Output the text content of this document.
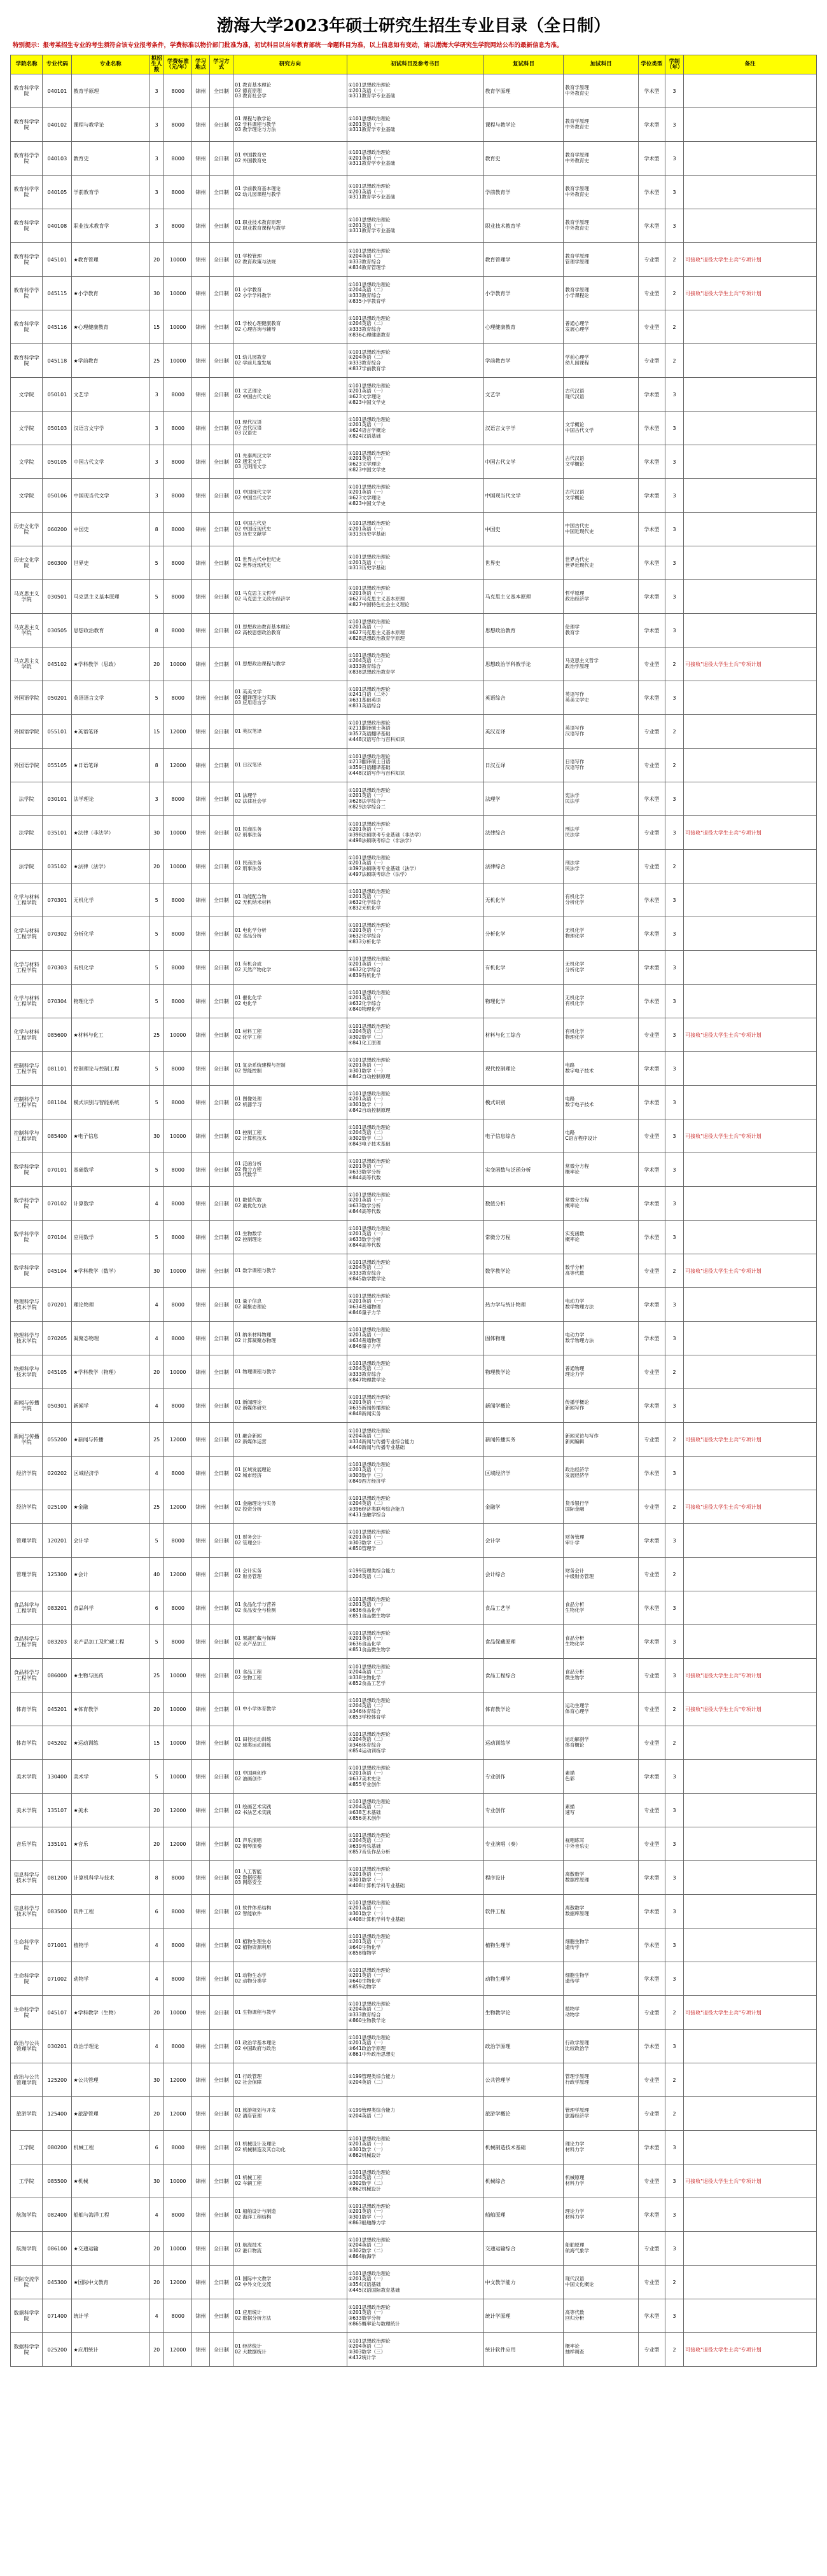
渤海大学2023年硕士研究生招生专业目录（全日制）
特别提示：报考某招生专业的考生须符合该专业报考条件，学费标准以物价部门批准为准，初试科目以当年教育部统一命题科目为准，以上信息如有变动，请以渤海大学研究生学院网站公布的最新信息为准。
学院名称	专业代码	专业名称	拟招生人数	学费标准（元/年）	学习地点	学习方式	研究方向	初试科目及参考书目	复试科目	加试科目	学位类型	学制（年）	备注
教育科学学院	040101	教育学原理	3	8000	锦州	全日制	01 教育基本理论
02 德育原理
03 教育社会学	①101思想政治理论
②201英语（一）
③311教育学专业基础	教育学原理	教育学原理
中外教育史	学术型	3	
教育科学学院	040102	课程与教学论	3	8000	锦州	全日制	01 课程与教学论
02 学科课程与教学
03 教学理论与方法	①101思想政治理论
②201英语（一）
③311教育学专业基础	课程与教学论	教育学原理
中外教育史	学术型	3	
教育科学学院	040103	教育史	3	8000	锦州	全日制	01 中国教育史
02 外国教育史	①101思想政治理论
②201英语（一）
③311教育学专业基础	教育史	教育学原理
中外教育史	学术型	3	
教育科学学院	040105	学前教育学	3	8000	锦州	全日制	01 学前教育基本理论
02 幼儿园课程与教学	①101思想政治理论
②201英语（一）
③311教育学专业基础	学前教育学	教育学原理
中外教育史	学术型	3	
教育科学学院	040108	职业技术教育学	3	8000	锦州	全日制	01 职业技术教育原理
02 职业教育课程与教学	①101思想政治理论
②201英语（一）
③311教育学专业基础	职业技术教育学	教育学原理
中外教育史	学术型	3	
教育科学学院	045101	★教育管理	20	10000	锦州	全日制	01 学校管理
02 教育政策与法规	①101思想政治理论
②204英语（二）
③333教育综合
④834教育管理学	教育管理学	教育学原理
管理学原理	专业型	2	可接收"退役大学生士兵"专项计划
教育科学学院	045115	★小学教育	30	10000	锦州	全日制	01 小学教育
02 小学学科教学	①101思想政治理论
②204英语（二）
③333教育综合
④835小学教育学	小学教育学	教育学原理
小学课程论	专业型	2	可接收"退役大学生士兵"专项计划
教育科学学院	045116	★心理健康教育	15	10000	锦州	全日制	01 学校心理健康教育
02 心理咨询与辅导	①101思想政治理论
②204英语（二）
③333教育综合
④836心理健康教育	心理健康教育	普通心理学
发展心理学	专业型	2	
教育科学学院	045118	★学前教育	25	10000	锦州	全日制	01 幼儿园教育
02 学前儿童发展	①101思想政治理论
②204英语（二）
③333教育综合
④837学前教育学	学前教育学	学前心理学
幼儿园课程	专业型	2	
文学院	050101	文艺学	3	8000	锦州	全日制	01 文艺理论
02 中国古代文论	①101思想政治理论
②201英语（一）
③623文学理论
④823中国文学史	文艺学	古代汉语
现代汉语	学术型	3	
文学院	050103	汉语言文字学	3	8000	锦州	全日制	01 现代汉语
02 古代汉语
03 汉语史	①101思想政治理论
②201英语（一）
③624语言学概论
④824汉语基础	汉语言文字学	文学概论
中国古代文学	学术型	3	
文学院	050105	中国古代文学	3	8000	锦州	全日制	01 先秦两汉文学
02 唐宋文学
03 元明清文学	①101思想政治理论
②201英语（一）
③623文学理论
④823中国文学史	中国古代文学	古代汉语
文学概论	学术型	3	
文学院	050106	中国现当代文学	3	8000	锦州	全日制	01 中国现代文学
02 中国当代文学	①101思想政治理论
②201英语（一）
③623文学理论
④823中国文学史	中国现当代文学	古代汉语
文学概论	学术型	3	
历史文化学院	060200	中国史	8	8000	锦州	全日制	01 中国古代史
02 中国近现代史
03 历史文献学	①101思想政治理论
②201英语（一）
③313历史学基础	中国史	中国古代史
中国近现代史	学术型	3	
历史文化学院	060300	世界史	5	8000	锦州	全日制	01 世界古代中世纪史
02 世界近现代史	①101思想政治理论
②201英语（一）
③313历史学基础	世界史	世界古代史
世界近现代史	学术型	3	
马克思主义学院	030501	马克思主义基本原理	5	8000	锦州	全日制	01 马克思主义哲学
02 马克思主义政治经济学	①101思想政治理论
②201英语（一）
③627马克思主义基本原理
④827中国特色社会主义理论	马克思主义基本原理	哲学原理
政治经济学	学术型	3	
马克思主义学院	030505	思想政治教育	8	8000	锦州	全日制	01 思想政治教育基本理论
02 高校思想政治教育	①101思想政治理论
②201英语（一）
③627马克思主义基本原理
④828思想政治教育学原理	思想政治教育	伦理学
教育学	学术型	3	
马克思主义学院	045102	★学科教学（思政）	20	10000	锦州	全日制	01 思想政治课程与教学	①101思想政治理论
②204英语（二）
③333教育综合
④838思想政治教育学	思想政治学科教学论	马克思主义哲学
政治学原理	专业型	2	可接收"退役大学生士兵"专项计划
外国语学院	050201	英语语言文学	5	8000	锦州	全日制	01 英美文学
02 翻译理论与实践
03 应用语言学	①101思想政治理论
②241日语（二外）
③631基础英语
④831英语综合	英语综合	英语写作
英美文学史	学术型	3	
外国语学院	055101	★英语笔译	15	12000	锦州	全日制	01 英汉笔译	①101思想政治理论
②211翻译硕士英语
③357英语翻译基础
④448汉语写作与百科知识	英汉互译	英语写作
汉语写作	专业型	2	
外国语学院	055105	★日语笔译	8	12000	锦州	全日制	01 日汉笔译	①101思想政治理论
②213翻译硕士日语
③359日语翻译基础
④448汉语写作与百科知识	日汉互译	日语写作
汉语写作	专业型	2	
法学院	030101	法学理论	3	8000	锦州	全日制	01 法理学
02 法律社会学	①101思想政治理论
②201英语（一）
③628法学综合一
④829法学综合二	法理学	宪法学
民法学	学术型	3	
法学院	035101	★法律（非法学）	30	10000	锦州	全日制	01 民商法务
02 刑事法务	①101思想政治理论
②201英语（一）
③398法硕联考专业基础（非法学）
④498法硕联考综合（非法学）	法律综合	刑法学
民法学	专业型	3	可接收"退役大学生士兵"专项计划
法学院	035102	★法律（法学）	20	10000	锦州	全日制	01 民商法务
02 刑事法务	①101思想政治理论
②201英语（一）
③397法硕联考专业基础（法学）
④497法硕联考综合（法学）	法律综合	刑法学
民法学	专业型	2	
化学与材料工程学院	070301	无机化学	5	8000	锦州	全日制	01 功能配合物
02 无机纳米材料	①101思想政治理论
②201英语（一）
③632化学综合
④832无机化学	无机化学	有机化学
分析化学	学术型	3	
化学与材料工程学院	070302	分析化学	5	8000	锦州	全日制	01 电化学分析
02 食品分析	①101思想政治理论
②201英语（一）
③632化学综合
④833分析化学	分析化学	无机化学
物理化学	学术型	3	
化学与材料工程学院	070303	有机化学	5	8000	锦州	全日制	01 有机合成
02 天然产物化学	①101思想政治理论
②201英语（一）
③632化学综合
④839有机化学	有机化学	无机化学
分析化学	学术型	3	
化学与材料工程学院	070304	物理化学	5	8000	锦州	全日制	01 催化化学
02 电化学	①101思想政治理论
②201英语（一）
③632化学综合
④840物理化学	物理化学	无机化学
有机化学	学术型	3	
化学与材料工程学院	085600	★材料与化工	25	10000	锦州	全日制	01 材料工程
02 化学工程	①101思想政治理论
②204英语（二）
③302数学（二）
④841化工原理	材料与化工综合	有机化学
物理化学	专业型	3	可接收"退役大学生士兵"专项计划
控制科学与工程学院	081101	控制理论与控制工程	5	8000	锦州	全日制	01 复杂系统建模与控制
02 智能控制	①101思想政治理论
②201英语（一）
③301数学（一）
④842自动控制原理	现代控制理论	电路
数字电子技术	学术型	3	
控制科学与工程学院	081104	模式识别与智能系统	5	8000	锦州	全日制	01 图像处理
02 机器学习	①101思想政治理论
②201英语（一）
③301数学（一）
④842自动控制原理	模式识别	电路
数字电子技术	学术型	3	
控制科学与工程学院	085400	★电子信息	30	10000	锦州	全日制	01 控制工程
02 计算机技术	①101思想政治理论
②204英语（二）
③302数学（二）
④843电子技术基础	电子信息综合	电路
C语言程序设计	专业型	3	可接收"退役大学生士兵"专项计划
数学科学学院	070101	基础数学	5	8000	锦州	全日制	01 泛函分析
02 微分方程
03 代数学	①101思想政治理论
②201英语（一）
③633数学分析
④844高等代数	实变函数与泛函分析	常微分方程
概率论	学术型	3	
数学科学学院	070102	计算数学	4	8000	锦州	全日制	01 数值代数
02 最优化方法	①101思想政治理论
②201英语（一）
③633数学分析
④844高等代数	数值分析	常微分方程
概率论	学术型	3	
数学科学学院	070104	应用数学	5	8000	锦州	全日制	01 生物数学
02 控制理论	①101思想政治理论
②201英语（一）
③633数学分析
④844高等代数	常微分方程	实变函数
概率论	学术型	3	
数学科学学院	045104	★学科教学（数学）	30	10000	锦州	全日制	01 数学课程与教学	①101思想政治理论
②204英语（二）
③333教育综合
④845数学教学论	数学教学论	数学分析
高等代数	专业型	2	可接收"退役大学生士兵"专项计划
物理科学与技术学院	070201	理论物理	4	8000	锦州	全日制	01 量子信息
02 凝聚态理论	①101思想政治理论
②201英语（一）
③634普通物理
④846量子力学	热力学与统计物理	电动力学
数学物理方法	学术型	3	
物理科学与技术学院	070205	凝聚态物理	4	8000	锦州	全日制	01 纳米材料物理
02 计算凝聚态物理	①101思想政治理论
②201英语（一）
③634普通物理
④846量子力学	固体物理	电动力学
数学物理方法	学术型	3	
物理科学与技术学院	045105	★学科教学（物理）	20	10000	锦州	全日制	01 物理课程与教学	①101思想政治理论
②204英语（二）
③333教育综合
④847物理教学论	物理教学论	普通物理
理论力学	专业型	2	
新闻与传播学院	050301	新闻学	4	8000	锦州	全日制	01 新闻理论
02 新媒体研究	①101思想政治理论
②201英语（一）
③635新闻传播理论
④848新闻实务	新闻学概论	传播学概论
新闻写作	学术型	3	
新闻与传播学院	055200	★新闻与传播	25	12000	锦州	全日制	01 融合新闻
02 新媒体运营	①101思想政治理论
②204英语（二）
③334新闻与传播专业综合能力
④440新闻与传播专业基础	新闻传播实务	新闻采访与写作
新闻编辑	专业型	2	可接收"退役大学生士兵"专项计划
经济学院	020202	区域经济学	4	8000	锦州	全日制	01 区域发展理论
02 城市经济	①101思想政治理论
②201英语（一）
③303数学（三）
④849西方经济学	区域经济学	政治经济学
发展经济学	学术型	3	
经济学院	025100	★金融	25	12000	锦州	全日制	01 金融理论与实务
02 投资分析	①101思想政治理论
②204英语（二）
③396经济类联考综合能力
④431金融学综合	金融学	货币银行学
国际金融	专业型	2	可接收"退役大学生士兵"专项计划
管理学院	120201	会计学	5	8000	锦州	全日制	01 财务会计
02 管理会计	①101思想政治理论
②201英语（一）
③303数学（三）
④850管理学	会计学	财务管理
审计学	学术型	3	
管理学院	125300	★会计	40	12000	锦州	全日制	01 会计实务
02 财务管理	①199管理类综合能力
②204英语（二）	会计综合	财务会计
中级财务管理	专业型	2	
食品科学与工程学院	083201	食品科学	6	8000	锦州	全日制	01 食品化学与营养
02 食品安全与检测	①101思想政治理论
②201英语（一）
③636食品化学
④851食品微生物学	食品工艺学	食品分析
生物化学	学术型	3	
食品科学与工程学院	083203	农产品加工及贮藏工程	5	8000	锦州	全日制	01 果蔬贮藏与保鲜
02 水产品加工	①101思想政治理论
②201英语（一）
③636食品化学
④851食品微生物学	食品保藏原理	食品分析
生物化学	学术型	3	
食品科学与工程学院	086000	★生物与医药	25	10000	锦州	全日制	01 食品工程
02 生物工程	①101思想政治理论
②204英语（二）
③338生物化学
④852食品工艺学	食品工程综合	食品分析
微生物学	专业型	3	可接收"退役大学生士兵"专项计划
体育学院	045201	★体育教学	20	10000	锦州	全日制	01 中小学体育教学	①101思想政治理论
②204英语（二）
③346体育综合
④853学校体育学	体育教学论	运动生理学
体育心理学	专业型	2	可接收"退役大学生士兵"专项计划
体育学院	045202	★运动训练	15	10000	锦州	全日制	01 田径运动训练
02 球类运动训练	①101思想政治理论
②204英语（二）
③346体育综合
④854运动训练学	运动训练学	运动解剖学
体育概论	专业型	2	
美术学院	130400	美术学	5	10000	锦州	全日制	01 中国画创作
02 油画创作	①101思想政治理论
②201英语（一）
③637美术史论
④855专业创作	专业创作	素描
色彩	学术型	3	
美术学院	135107	★美术	20	12000	锦州	全日制	01 绘画艺术实践
02 书法艺术实践	①101思想政治理论
②204英语（二）
③638艺术基础
④856美术创作	专业创作	素描
速写	专业型	3	
音乐学院	135101	★音乐	20	12000	锦州	全日制	01 声乐演唱
02 钢琴演奏	①101思想政治理论
②204英语（二）
③639音乐基础
④857音乐作品分析	专业演唱（奏）	视唱练耳
中外音乐史	专业型	3	
信息科学与技术学院	081200	计算机科学与技术	8	8000	锦州	全日制	01 人工智能
02 数据挖掘
03 网络安全	①101思想政治理论
②201英语（一）
③301数学（一）
④408计算机学科专业基础	程序设计	离散数学
数据库原理	学术型	3	
信息科学与技术学院	083500	软件工程	6	8000	锦州	全日制	01 软件体系结构
02 智能软件	①101思想政治理论
②201英语（一）
③301数学（一）
④408计算机学科专业基础	软件工程	离散数学
数据库原理	学术型	3	
生命科学学院	071001	植物学	4	8000	锦州	全日制	01 植物生理生态
02 植物资源利用	①101思想政治理论
②201英语（一）
③640生物化学
④858植物学	植物生理学	细胞生物学
遗传学	学术型	3	
生命科学学院	071002	动物学	4	8000	锦州	全日制	01 动物生态学
02 动物分类学	①101思想政治理论
②201英语（一）
③640生物化学
④859动物学	动物生理学	细胞生物学
遗传学	学术型	3	
生命科学学院	045107	★学科教学（生物）	20	10000	锦州	全日制	01 生物课程与教学	①101思想政治理论
②204英语（二）
③333教育综合
④860生物教学论	生物教学论	植物学
动物学	专业型	2	可接收"退役大学生士兵"专项计划
政治与公共管理学院	030201	政治学理论	4	8000	锦州	全日制	01 政治学基本理论
02 中国政府与政治	①101思想政治理论
②201英语（一）
③641政治学原理
④861中外政治思想史	政治学原理	行政学原理
比较政治学	学术型	3	
政治与公共管理学院	125200	★公共管理	30	12000	锦州	全日制	01 行政管理
02 社会保障	①199管理类综合能力
②204英语（二）	公共管理学	管理学原理
行政学原理	专业型	2	
旅游学院	125400	★旅游管理	20	12000	锦州	全日制	01 旅游规划与开发
02 酒店管理	①199管理类综合能力
②204英语（二）	旅游学概论	管理学原理
旅游经济学	专业型	2	
工学院	080200	机械工程	6	8000	锦州	全日制	01 机械设计及理论
02 机械制造及其自动化	①101思想政治理论
②201英语（一）
③301数学（一）
④862机械设计	机械制造技术基础	理论力学
材料力学	学术型	3	
工学院	085500	★机械	30	10000	锦州	全日制	01 机械工程
02 车辆工程	①101思想政治理论
②204英语（二）
③302数学（二）
④862机械设计	机械综合	机械原理
材料力学	专业型	3	可接收"退役大学生士兵"专项计划
航海学院	082400	船舶与海洋工程	4	8000	锦州	全日制	01 船舶设计与制造
02 海洋工程结构	①101思想政治理论
②201英语（一）
③301数学（一）
④863船舶静力学	船舶原理	理论力学
材料力学	学术型	3	
航海学院	086100	★交通运输	20	10000	锦州	全日制	01 航海技术
02 港口物流	①101思想政治理论
②204英语（二）
③302数学（二）
④864航海学	交通运输综合	船舶原理
航海气象学	专业型	3	
国际交流学院	045300	★国际中文教育	20	12000	锦州	全日制	01 国际中文教学
02 中外文化交流	①101思想政治理论
②201英语（一）
③354汉语基础
④445汉语国际教育基础	中文教学能力	现代汉语
中国文化概论	专业型	2	
数据科学学院	071400	统计学	4	8000	锦州	全日制	01 应用统计
02 数据分析方法	①101思想政治理论
②201英语（一）
③633数学分析
④865概率论与数理统计	统计学原理	高等代数
回归分析	学术型	3	
数据科学学院	025200	★应用统计	20	12000	锦州	全日制	01 经济统计
02 大数据统计	①101思想政治理论
②204英语（二）
③303数学（三）
④432统计学	统计软件应用	概率论
抽样调查	专业型	2	可接收"退役大学生士兵"专项计划
